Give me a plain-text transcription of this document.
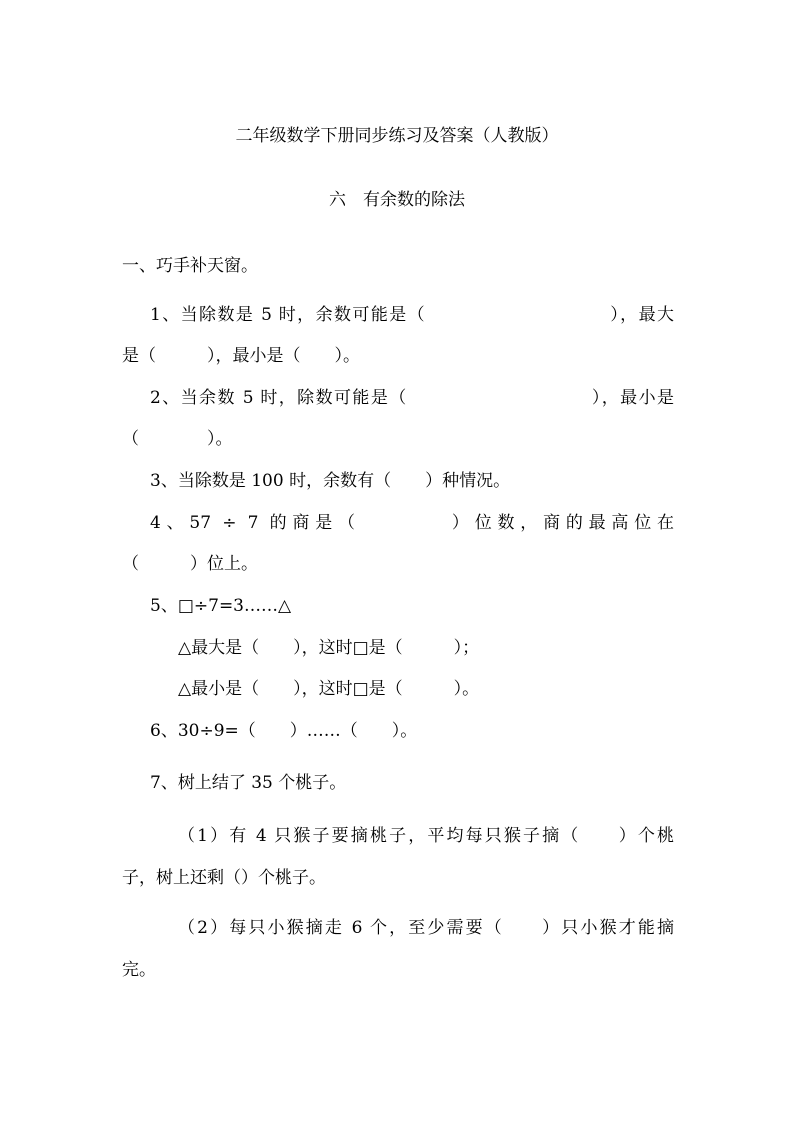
二年级数学下册同步练习及答案（人教版）
六　有余数的除法
一、巧手补天窗。
1、当除数是 5 时，余数可能是（　　　　　　　　　　），最大
是（　　　），最小是（　　）。
2、当余数 5 时，除数可能是（　　　　　　　　　　），最小是
（　　　　）。
3、当除数是 100 时，余数有（　　）种情况。
4、57 ÷ 7 的商是（　　　　）位数，商的最高位在
（　　　）位上。
5、□÷7=3……△
△最大是（　　），这时□是（　　　）；
△最小是（　　），这时□是（　　　）。
6、30÷9=（　　）……（　　）。
7、树上结了 35 个桃子。
（1）有 4 只猴子要摘桃子，平均每只猴子摘（　　）个桃
子，树上还剩（）个桃子。
（2）每只小猴摘走 6 个，至少需要（　　）只小猴才能摘
完。
